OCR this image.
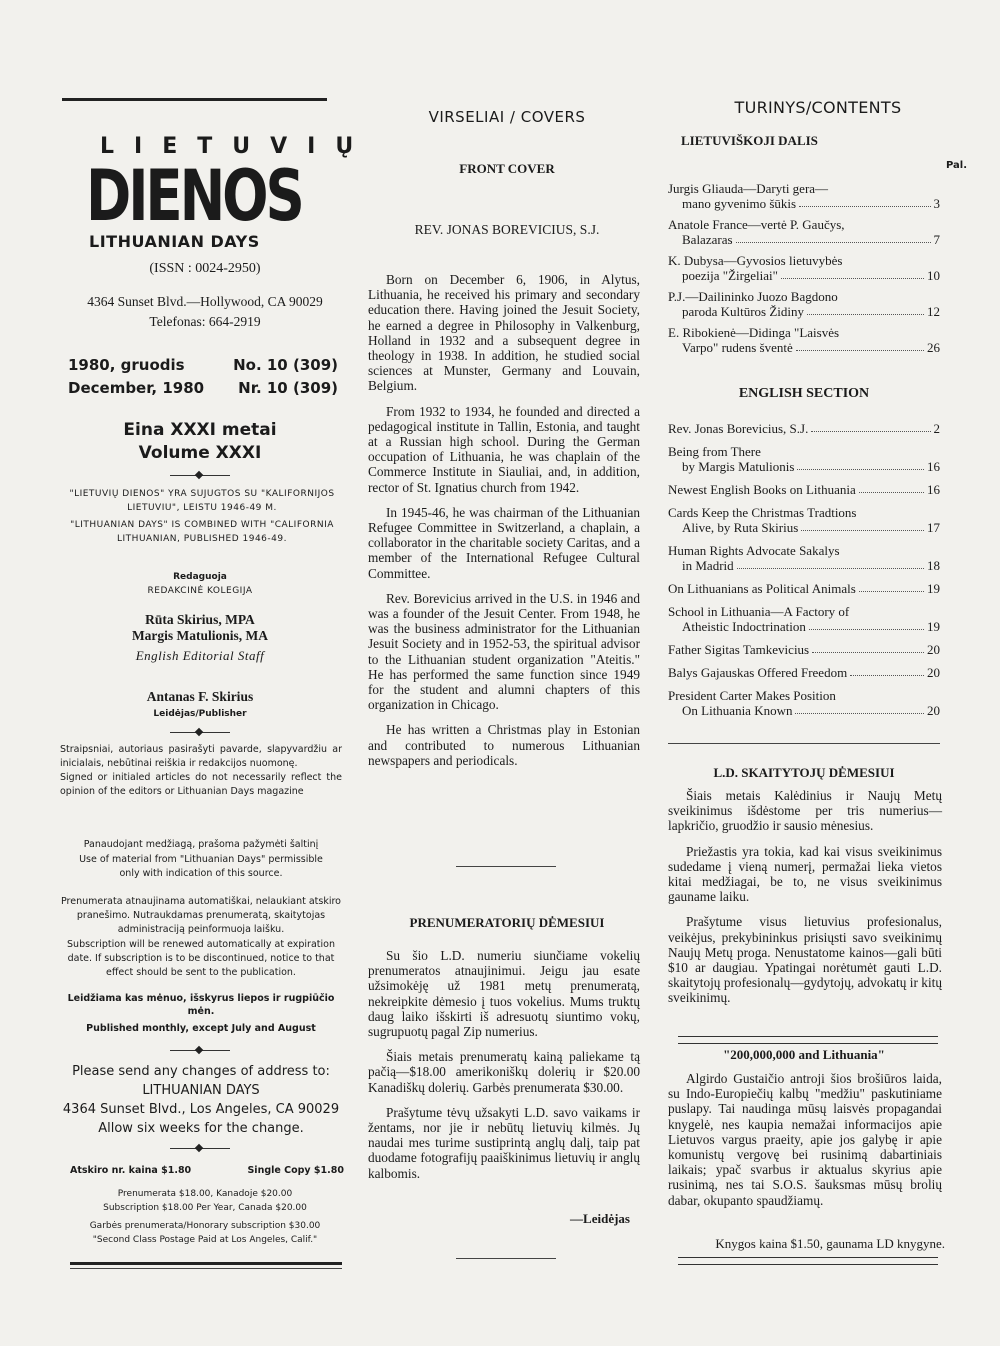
LIETUVIŲ
DIENOS
LITHUANIAN DAYS
(ISSN : 0024-2950)
4364 Sunset Blvd.—Hollywood, CA 90029
Telefonas: 664-2919
1980, gruodis	No. 10 (309)
December, 1980 Nr. 10 (309)
Eina XXXI metai
Volume XXXI
"LIETUVIŲ DIENOS" YRA SUJUGTOS SU "KALIFORNIJOS LIETUVIU", LEISTU 1946-49 M.
"LITHUANIAN DAYS" IS COMBINED WITH "CALIFORNIA LITHUANIAN, PUBLISHED 1946-49.
Redaguoja
REDAKCINĖ KOLEGIJA
Rūta Skirius, MPA
Margis Matulionis, MA
English Editorial Staff
Antanas F. Skirius
Leidėjas/Publisher
Straipsniai, autoriaus pasirašyti pavarde, slapyvardžiu ar inicialais, nebūtinai reiškia ir redakcijos nuomonę.
Signed or initialed articles do not necessarily reflect the opinion of the editors or Lithuanian Days magazine
Panaudojant medžiagą, prašoma pažymėti šaltinį
Use of material from "Lithuanian Days" permissible only with indication of this source.
Prenumerata atnaujinama automatiškai, nelaukiant atskiro pranešimo. Nutraukdamas prenumeratą, skaitytojas administraciją peinformuoja laišku.
Subscription will be renewed automatically at expiration date. If subscription is to be discontinued, notice to that effect should be sent to the publication.
Leidžiama kas mėnuo, išskyrus liepos ir rugpiūčio mėn.
Published monthly, except July and August
Please send any changes of address to:
LITHUANIAN DAYS
4364 Sunset Blvd., Los Angeles, CA 90029
Allow six weeks for the change.
Atskiro nr. kaina $1.80	Single Copy $1.80
Prenumerata $18.00, Kanadoje $20.00
Subscription $18.00 Per Year, Canada $20.00
Garbės prenumerata/Honorary subscription $30.00
"Second Class Postage Paid at Los Angeles, Calif."
VIRSELIAI / COVERS
FRONT COVER
REV. JONAS BOREVICIUS, S.J.

Born on December 6, 1906, in Alytus, Lithuania, he received his primary and secondary education there. Having joined the Jesuit Society, he earned a degree in Philosophy in Valkenburg, Holland in 1932 and a subsequent degree in theology in 1938. In addition, he studied social sciences at Munster, Germany and Louvain, Belgium.

From 1932 to 1934, he founded and directed a pedagogical institute in Tallin, Estonia, and taught at a Russian high school. During the German occupation of Lithuania, he was chaplain of the Commerce Institute in Siauliai, and, in addition, rector of St. Ignatius church from 1942.

In 1945-46, he was chairman of the Lithuanian Refugee Committee in Switzerland, a chaplain, a collaborator in the charitable society Caritas, and a member of the International Refugee Cultural Committee.

Rev. Borevicius arrived in the U.S. in 1946 and was a founder of the Jesuit Center. From 1948, he was the business administrator for the Lithuanian Jesuit Society and in 1952-53, the spiritual advisor to the Lithuanian student organization "Ateitis." He has performed the same function since 1949 for the student and alumni chapters of this organization in Chicago.

He has written a Christmas play in Estonian and contributed to numerous Lithuanian newspapers and periodicals.

PRENUMERATORIŲ DĖMESIUI

Su šio L.D. numeriu siunčiame vokelių prenumeratos atnaujinimui. Jeigu jau esate užsimokėję už 1981 metų prenumeratą, nekreipkite dėmesio į tuos vokelius. Mums truktų daug laiko išskirti iš adresuotų siuntimo vokų, sugrupuotų pagal Zip numerius.

Šiais metais prenumeratų kainą paliekame tą pačią—$18.00 amerikoniškų dolerių ir $20.00 Kanadiškų dolerių. Garbės prenumerata $30.00.

Prašytume tėvų užsakyti L.D. savo vaikams ir žentams, nor jie ir nebūtų lietuvių kilmės. Jų naudai mes turime sustiprintą anglų dalį, taip pat duodame fotografijų paaiškinimus lietuvių ir anglų kalbomis.

—Leidėjas
TURINYS/CONTENTS
LIETUVIŠKOJI DALIS
Pal.
Jurgis Gliauda—Daryti gera—
mano gyvenimo šūkis	3
Anatole France—vertė P. Gaučys,
Balazaras	7
K. Dubysa—Gyvosios lietuvybės
poezija "Žirgeliai"	10
P.J.—Dailininko Juozo Bagdono
paroda Kultūros Židiny	12
E. Ribokienė—Didinga "Laisvės
Varpo" rudens šventė	26
ENGLISH SECTION
Rev. Jonas Borevicius, S.J.	2
Being from There
by Margis Matulionis	16
Newest English Books on Lithuania	16
Cards Keep the Christmas Tradtions
Alive, by Ruta Skirius	17
Human Rights Advocate Sakalys
in Madrid	18
On Lithuanians as Political Animals	19
School in Lithuania—A Factory of
Atheistic Indoctrination	19
Father Sigitas Tamkevicius	20
Balys Gajauskas Offered Freedom	20
President Carter Makes Position
On Lithuania Known	20
L.D. SKAITYTOJŲ DĖMESIUI

Šiais metais Kalėdinius ir Naujų Metų sveikinimus išdėstome per tris numerius—lapkričio, gruodžio ir sausio mėnesius.

Priežastis yra tokia, kad kai visus sveikinimus sudedame į vieną numerį, permažai lieka vietos kitai medžiagai, be to, ne visus sveikinimus gauname laiku.

Prašytume visus lietuvius profesionalus, veikėjus, prekybininkus prisiųsti savo sveikinimų Naujų Metų proga. Nenustatome kainos—gali būti $10 ar daugiau. Ypatingai norėtumėt gauti L.D. skaitytojų profesionalų—gydytojų, advokatų ir kitų sveikinimų.

"200,000,000 and Lithuania"

Algirdo Gustaičio antroji šios brošiūros laida, su Indo-Europiečių kalbų "medžiu" paskutiniame puslapy. Tai naudinga mūsų laisvės propagandai knygelė, nes kaupia nemažai informacijos apie Lietuvos vargus praeity, apie jos galybę ir apie komunistų vergovę bei rusinimą dabartiniais laikais; ypač svarbus ir aktualus skyrius apie rusinimą, nes tai S.O.S. šauksmas mūsų brolių dabar, okupanto spaudžiamų.

Knygos kaina $1.50, gaunama LD knygyne.
